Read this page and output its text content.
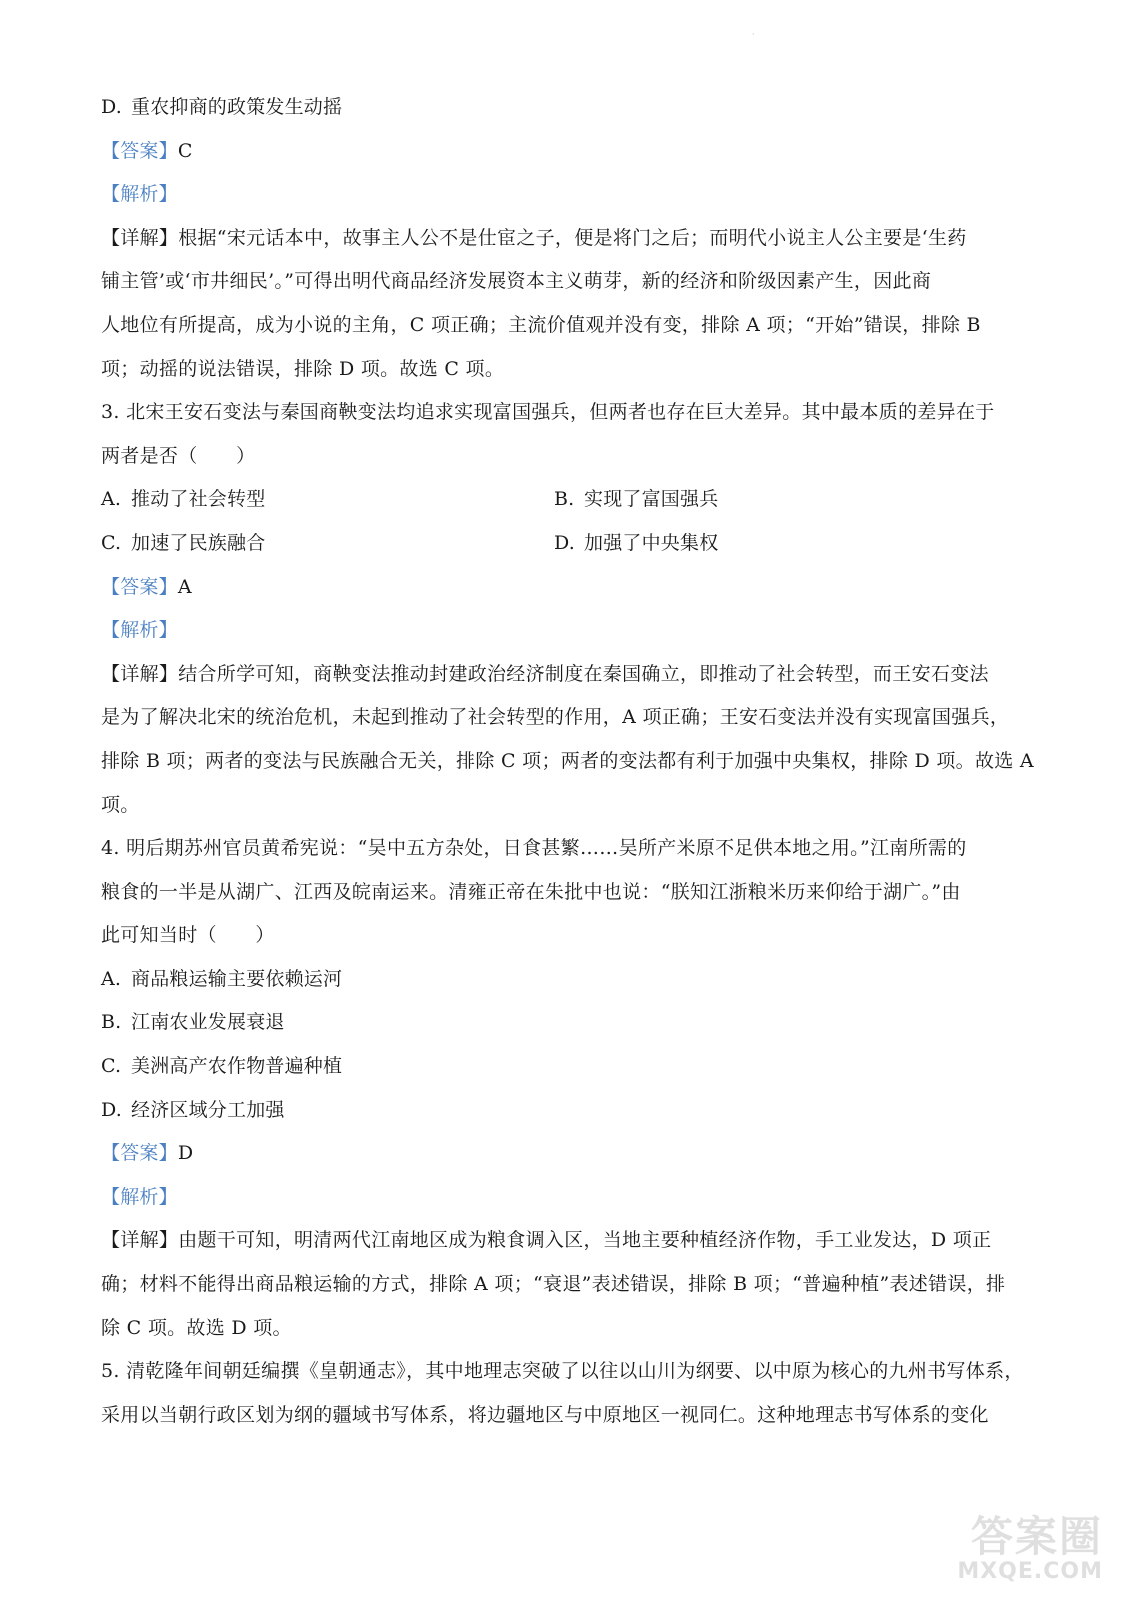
·
D. 重农抑商的政策发生动摇
【答案】C
【解析】
【详解】根据“宋元话本中，故事主人公不是仕宦之子，便是将门之后；而明代小说主人公主要是‘生药
铺主管’或‘市井细民’。”可得出明代商品经济发展资本主义萌芽，新的经济和阶级因素产生，因此商
人地位有所提高，成为小说的主角，C 项正确；主流价值观并没有变，排除 A 项；“开始”错误，排除 B
项；动摇的说法错误，排除 D 项。故选 C 项。
3. 北宋王安石变法与秦国商鞅变法均追求实现富国强兵，但两者也存在巨大差异。其中最本质的差异在于
两者是否（　　）
A. 推动了社会转型	B. 实现了富国强兵
C. 加速了民族融合	D. 加强了中央集权
【答案】A
【解析】
【详解】结合所学可知，商鞅变法推动封建政治经济制度在秦国确立，即推动了社会转型，而王安石变法
是为了解决北宋的统治危机，未起到推动了社会转型的作用，A 项正确；王安石变法并没有实现富国强兵，
排除 B 项；两者的变法与民族融合无关，排除 C 项；两者的变法都有利于加强中央集权，排除 D 项。故选 A
项。
4. 明后期苏州官员黄希宪说：“吴中五方杂处，日食甚繁……吴所产米原不足供本地之用。”江南所需的
粮食的一半是从湖广、江西及皖南运来。清雍正帝在朱批中也说：“朕知江浙粮米历来仰给于湖广。”由
此可知当时（　　）
A. 商品粮运输主要依赖运河
B. 江南农业发展衰退
C. 美洲高产农作物普遍种植
D. 经济区域分工加强
【答案】D
【解析】
【详解】由题干可知，明清两代江南地区成为粮食调入区，当地主要种植经济作物，手工业发达，D 项正
确；材料不能得出商品粮运输的方式，排除 A 项；“衰退”表述错误，排除 B 项；“普遍种植”表述错误，排
除 C 项。故选 D 项。
5. 清乾隆年间朝廷编撰《皇朝通志》，其中地理志突破了以往以山川为纲要、以中原为核心的九州书写体系，
采用以当朝行政区划为纲的疆域书写体系，将边疆地区与中原地区一视同仁。这种地理志书写体系的变化
答案圈
MXQE.COM
